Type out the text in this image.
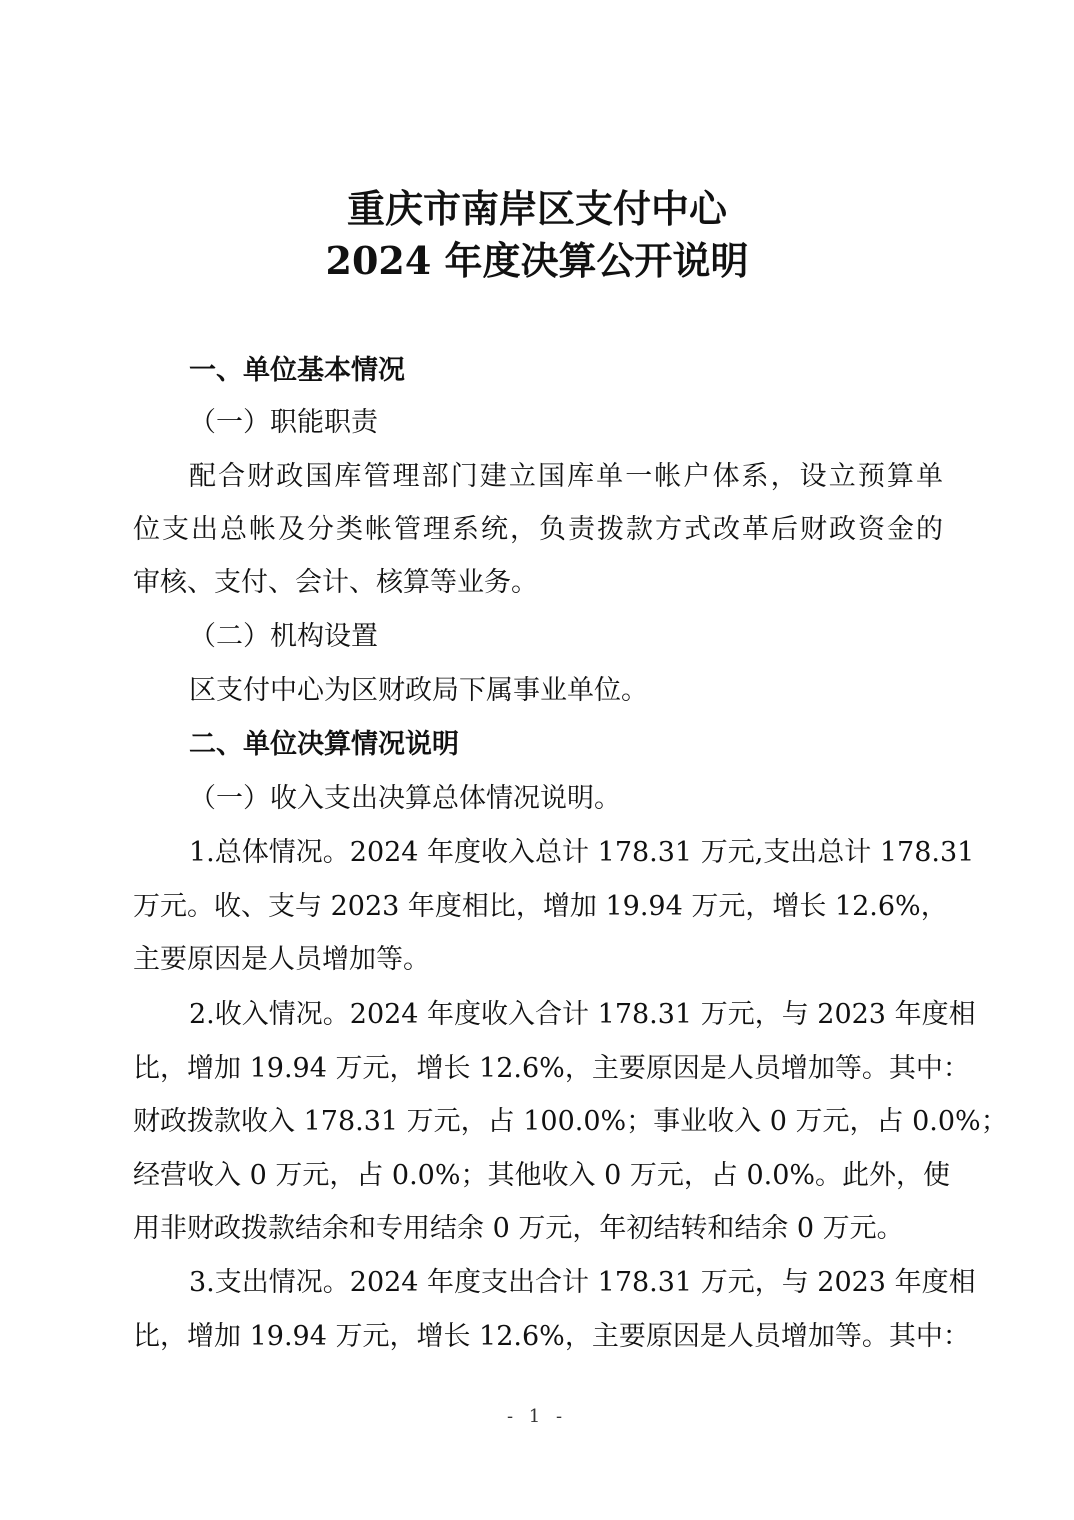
重庆市南岸区支付中心
2024 年度决算公开说明
一、单位基本情况
（一）职能职责
配合财政国库管理部门建立国库单一帐户体系，设立预算单
位支出总帐及分类帐管理系统，负责拨款方式改革后财政资金的
审核、支付、会计、核算等业务。
（二）机构设置
区支付中心为区财政局下属事业单位。
二、单位决算情况说明
（一）收入支出决算总体情况说明。
1.总体情况。2024 年度收入总计 178.31 万元,支出总计 178.31
万元。收、支与 2023 年度相比，增加 19.94 万元，增长 12.6%，
主要原因是人员增加等。
2.收入情况。2024 年度收入合计 178.31 万元，与 2023 年度相
比，增加 19.94 万元，增长 12.6%，主要原因是人员增加等。其中：
财政拨款收入 178.31 万元，占 100.0%；事业收入 0 万元，占 0.0%；
经营收入 0 万元，占 0.0%；其他收入 0 万元，占 0.0%。此外，使
用非财政拨款结余和专用结余 0 万元，年初结转和结余 0 万元。
3.支出情况。2024 年度支出合计 178.31 万元，与 2023 年度相
比，增加 19.94 万元，增长 12.6%，主要原因是人员增加等。其中：
- 1 -
